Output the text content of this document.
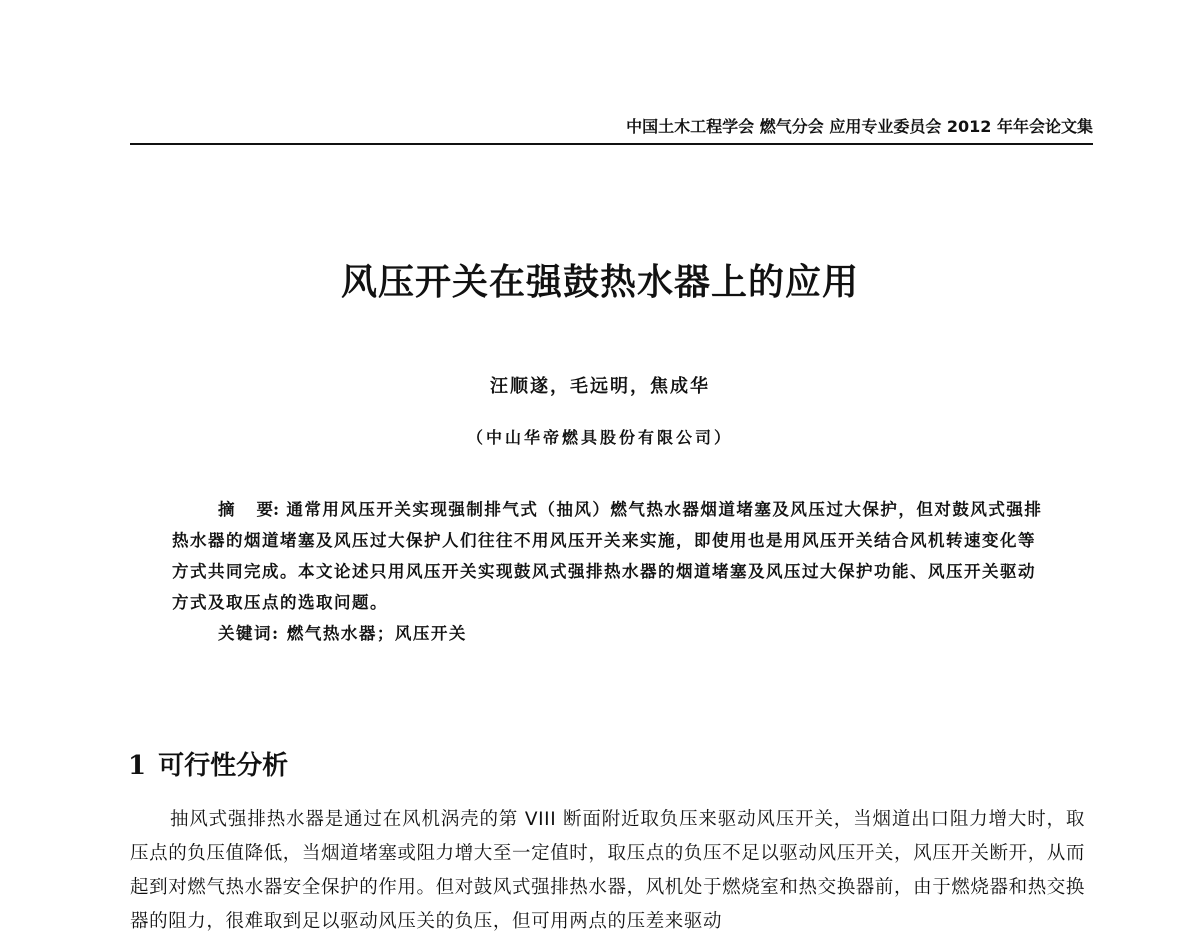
中国土木工程学会 燃气分会 应用专业委员会 2012 年年会论文集
风压开关在强鼓热水器上的应用
汪顺遂，毛远明，焦成华
（中山华帝燃具股份有限公司）

摘 要: 通常用风压开关实现强制排气式（抽风）燃气热水器烟道堵塞及风压过大保护，但对鼓风式强排热水器的烟道堵塞及风压过大保护人们往往不用风压开关来实施，即使用也是用风压开关结合风机转速变化等方式共同完成。本文论述只用风压开关实现鼓风式强排热水器的烟道堵塞及风压过大保护功能、风压开关驱动方式及取压点的选取问题。

关键词: 燃气热水器；风压开关

1 可行性分析

抽风式强排热水器是通过在风机涡壳的第 VIII 断面附近取负压来驱动风压开关，当烟道出口阻力增大时，取压点的负压值降低，当烟道堵塞或阻力增大至一定值时，取压点的负压不足以驱动风压开关，风压开关断开，从而起到对燃气热水器安全保护的作用。但对鼓风式强排热水器，风机处于燃烧室和热交换器前，由于燃烧器和热交换器的阻力，很难取到足以驱动风压关的负压，但可用两点的压差来驱动
